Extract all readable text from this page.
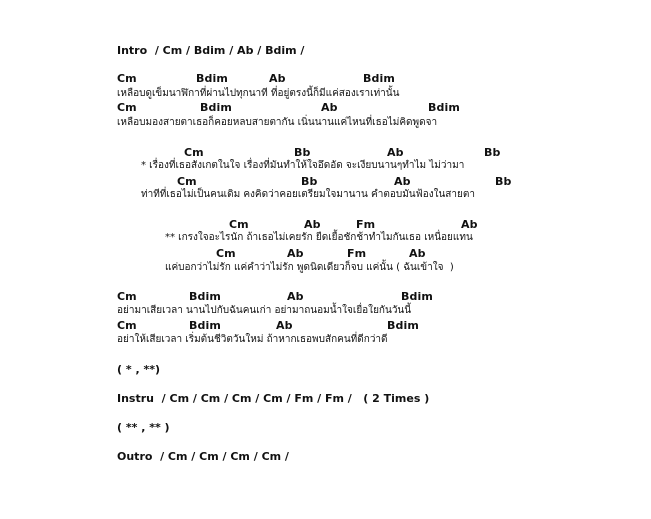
Intro  / Cm / Bdim / Ab / Bdim /
Cm	Bdim	Ab	Bdim
เหลือบดูเข็มนาฬิกาที่ผ่านไปทุกนาที ที่อยู่ตรงนี้ก็มีแค่สองเราเท่านั้น
Cm	Bdim	Ab	Bdim
เหลือบมองสายตาเธอก็คอยหลบสายตากัน เนิ่นนานแค่ไหนที่เธอไม่คิดพูดจา
Cm	Bb	Ab	Bb
* เรื่องที่เธอสังเกตในใจ เรื่องที่มันทำให้ใจอึดอัด จะเงียบนานๆทำไม ไม่ว่ามา
Cm	Bb	Ab	Bb
ท่าทีที่เธอไม่เป็นคนเดิม คงคิดว่าคอยเตรียมใจมานาน คำตอบมันฟ้องในสายตา
Cm	Ab	Fm	Ab
** เกรงใจอะไรนัก ถ้าเธอไม่เคยรัก ยืดเยื้อชักช้าทำไมกันเธอ เหนื่อยแทน
Cm	Ab	Fm	Ab
แค่บอกว่าไม่รัก แค่คำว่าไม่รัก พูดนิดเดียวก็จบ แค่นั้น ( ฉันเข้าใจ  )
Cm	Bdim	Ab	Bdim
อย่ามาเสียเวลา นานไปกับฉันคนเก่า อย่ามาถนอมน้ำใจเยื่อใยกันวันนี้
Cm	Bdim	Ab	Bdim
อย่าให้เสียเวลา เริ่มต้นชีวิตวันใหม่ ถ้าหากเธอพบสักคนที่ดีกว่าดี
( * , **)
Instru  / Cm / Cm / Cm / Cm / Fm / Fm /   ( 2 Times )
( ** , ** )
Outro  / Cm / Cm / Cm / Cm /
